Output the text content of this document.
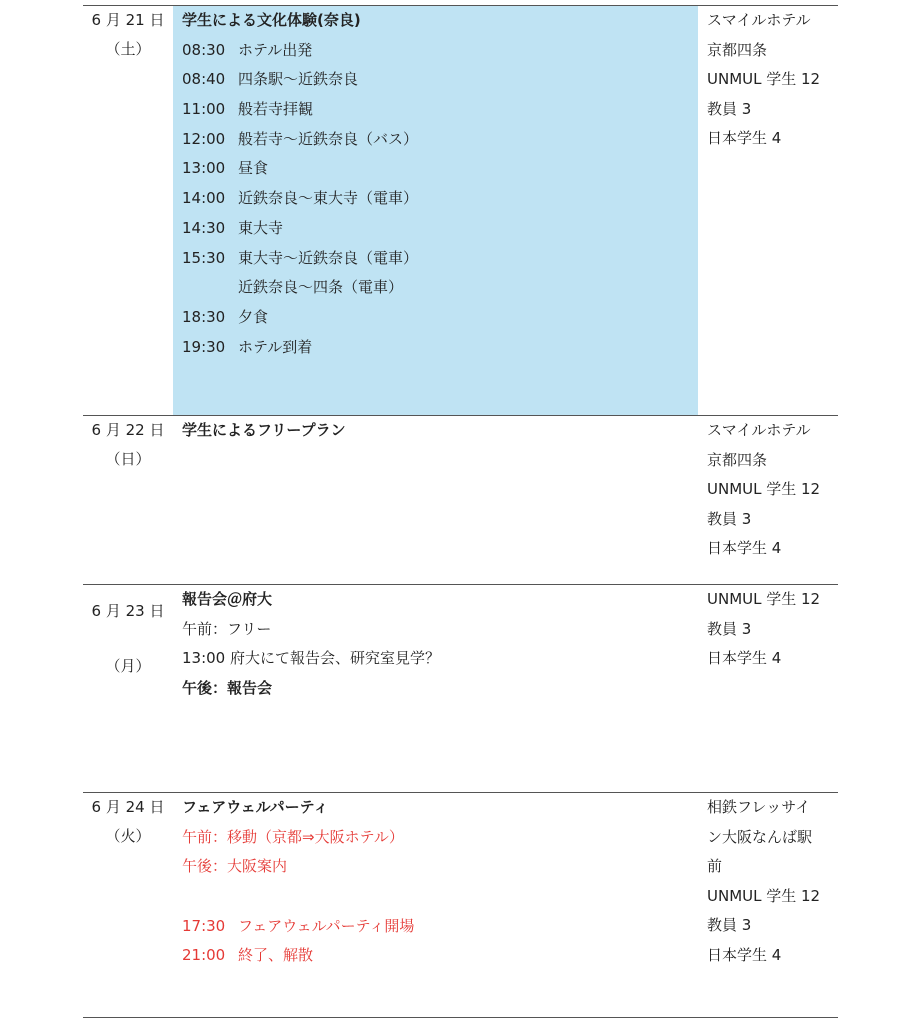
6 月 21 日
（土）
学生による文化体験(奈良)
08:30 ホテル出発
08:40 四条駅～近鉄奈良
11:00 般若寺拝観
12:00 般若寺～近鉄奈良（バス）
13:00 昼食
14:00 近鉄奈良～東大寺（電車）
14:30 東大寺
15:30 東大寺～近鉄奈良（電車）
近鉄奈良～四条（電車）
18:30 夕食
19:30 ホテル到着
スマイルホテル
京都四条
UNMUL 学生 12
教員 3
日本学生 4
6 月 22 日
（日）
学生によるフリープラン	スマイルホテル
京都四条
UNMUL 学生 12
教員 3
日本学生 4
6 月 23 日
（月）
報告会＠府大
午前：フリー
13:00 府大にて報告会、研究室見学？
午後：報告会
UNMUL 学生 12
教員 3
日本学生 4
6 月 24 日
（火）
フェアウェルパーティ
午前：移動（京都⇒大阪ホテル）
午後：大阪案内
17:30 フェアウェルパーティ開場
21:00 終了、解散
相鉄フレッサイ
ン大阪なんば駅
前
UNMUL 学生 12
教員 3
日本学生 4
